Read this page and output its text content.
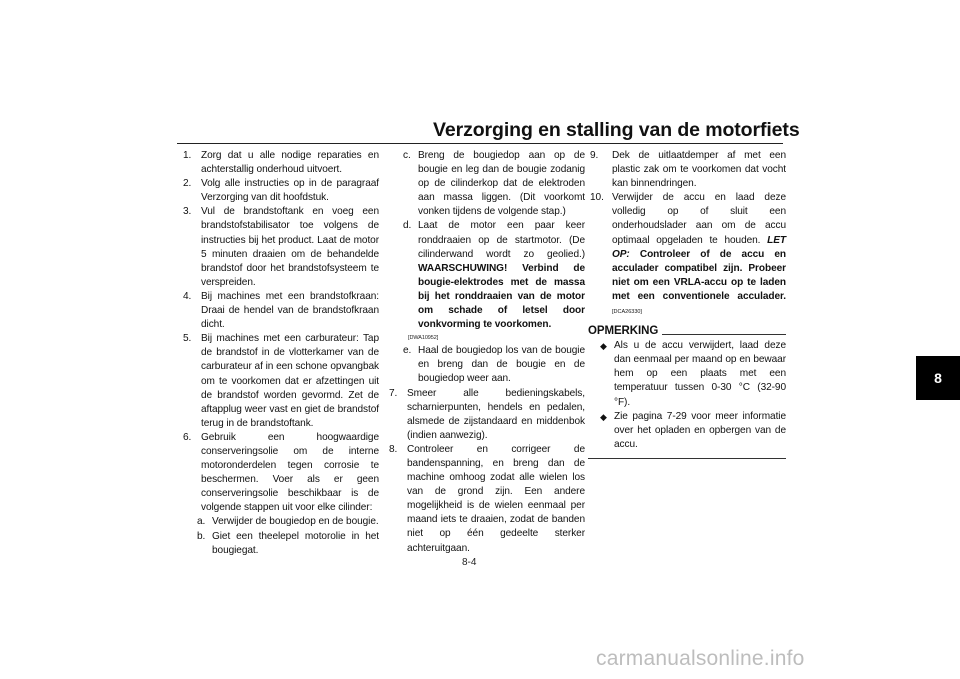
Verzorging en stalling van de motorfiets
8
1. Zorg dat u alle nodige reparaties en achterstallig onderhoud uitvoert.
2. Volg alle instructies op in de paragraaf Verzorging van dit hoofdstuk.
3. Vul de brandstoftank en voeg een brandstofstabilisator toe volgens de instructies bij het product. Laat de motor 5 minuten draaien om de behandelde brandstof door het brandstofsysteem te verspreiden.
4. Bij machines met een brandstofkraan: Draai de hendel van de brandstofkraan dicht.
5. Bij machines met een carburateur: Tap de brandstof in de vlotterkamer van de carburateur af in een schone opvangbak om te voorkomen dat er afzettingen uit de brandstof worden gevormd. Zet de aftapplug weer vast en giet de brandstof terug in de brandstoftank.
6. Gebruik een hoogwaardige conserveringsolie om de interne motoronderdelen tegen corrosie te beschermen. Voer als er geen conserveringsolie beschikbaar is de volgende stappen uit voor elke cilinder:
a. Verwijder de bougiedop en de bougie.
b. Giet een theelepel motorolie in het bougiegat.
c. Breng de bougiedop aan op de bougie en leg dan de bougie zodanig op de cilinderkop dat de elektroden aan massa liggen. (Dit voorkomt vonken tijdens de volgende stap.)
d. Laat de motor een paar keer ronddraaien op de startmotor. (De cilinderwand wordt zo geolied.) WAARSCHUWING! Verbind de bougie-elektrodes met de massa bij het ronddraaien van de motor om schade of letsel door vonkvorming te voorkomen.
[DWA10952]
e. Haal de bougiedop los van de bougie en breng dan de bougie en de bougiedop weer aan.
7. Smeer alle bedieningskabels, scharnierpunten, hendels en pedalen, alsmede de zijstandaard en middenbok (indien aanwezig).
8. Controleer en corrigeer de bandenspanning, en breng dan de machine omhoog zodat alle wielen los van de grond zijn. Een andere mogelijkheid is de wielen eenmaal per maand iets te draaien, zodat de banden niet op één gedeelte sterker achteruitgaan.
9.	Dek de uitlaatdemper af met een plastic zak om te voorkomen dat vocht kan binnendringen.
10. Verwijder de accu en laad deze volledig op of sluit een onderhoudslader aan om de accu optimaal opgeladen te houden. LET OP: Controleer of de accu en acculader compatibel zijn. Probeer niet om een VRLA-accu op te laden met een conventionele acculader. [DCA26330]
OPMERKING
◆ Als u de accu verwijdert, laad deze dan eenmaal per maand op en bewaar hem op een plaats met een temperatuur tussen 0-30 °C (32-90 °F).
◆ Zie pagina 7-29 voor meer informatie over het opladen en opbergen van de accu.
8-4
carmanualsonline.info
